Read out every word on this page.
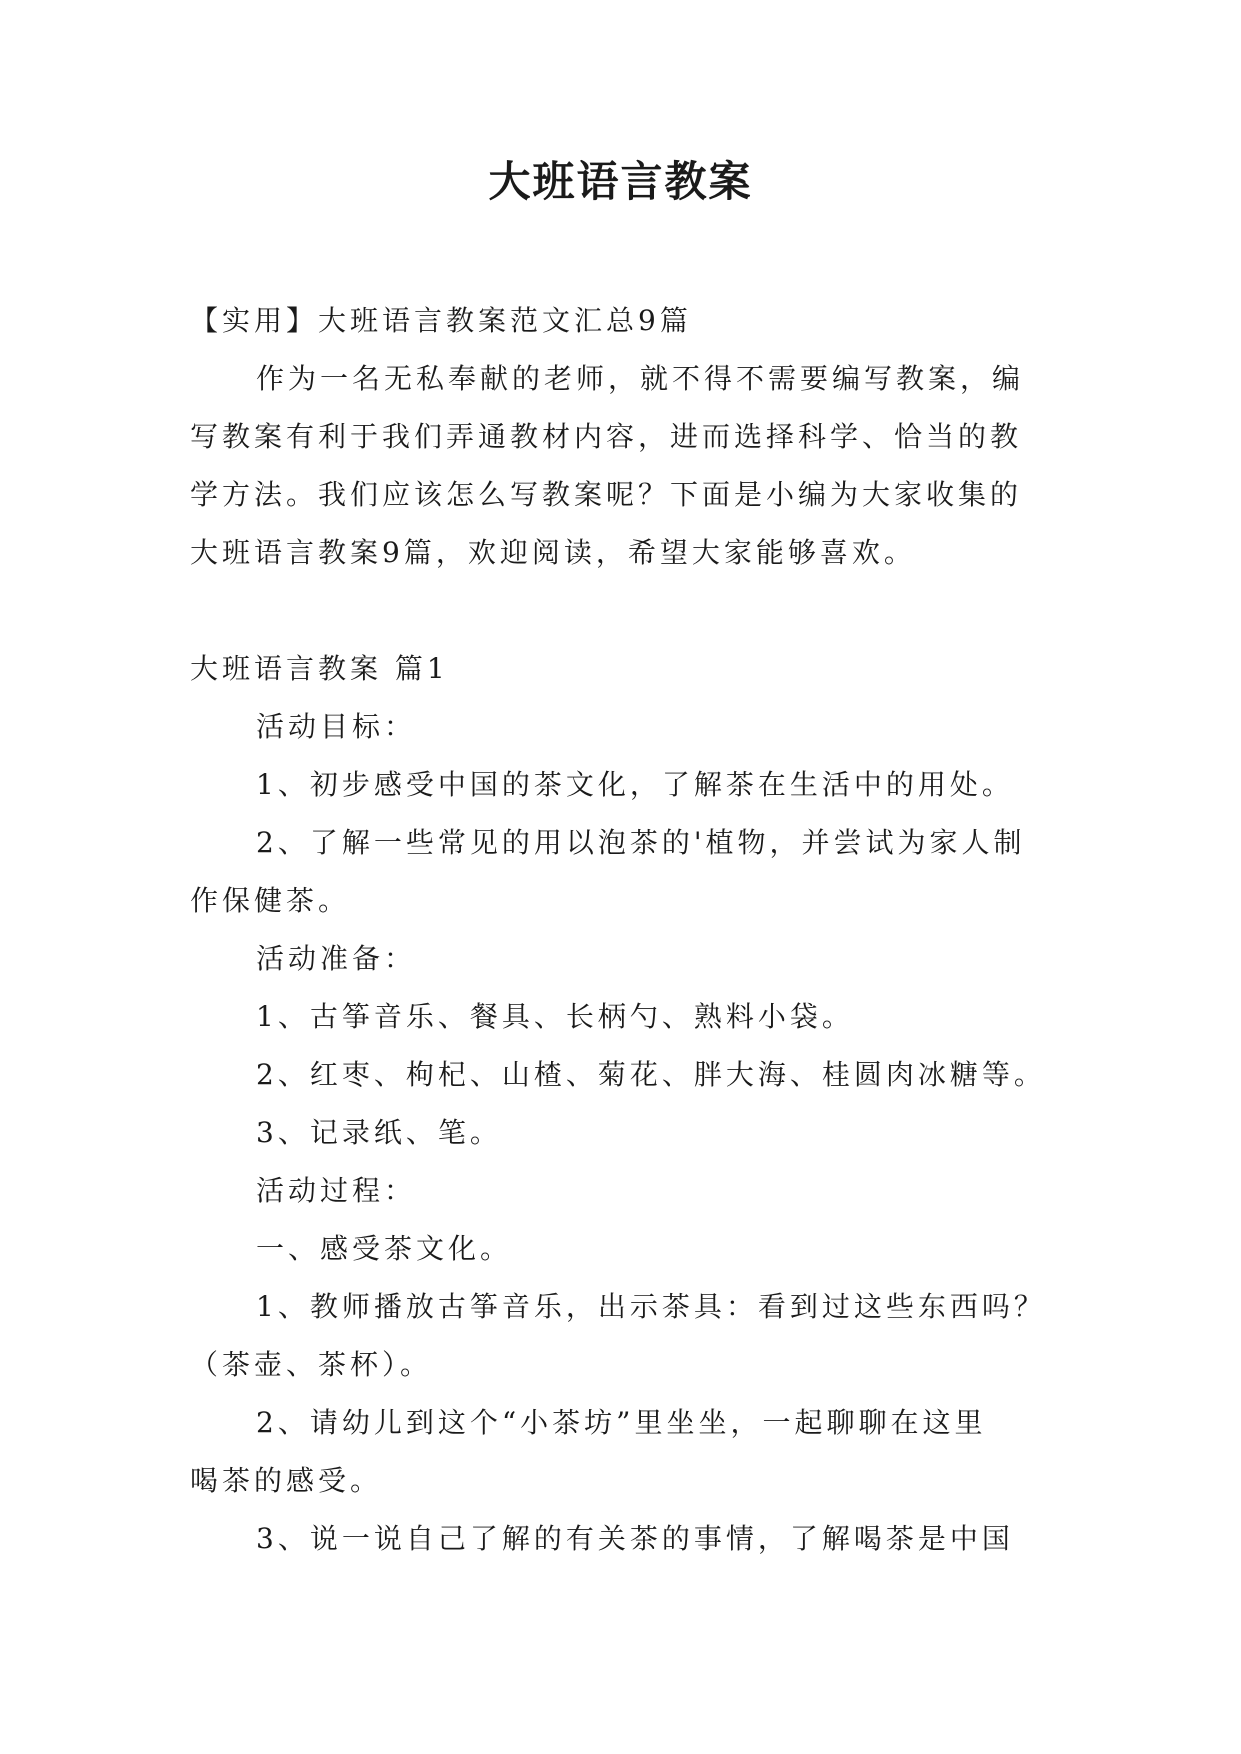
大班语言教案

【实用】大班语言教案范文汇总9篇

作为一名无私奉献的老师，就不得不需要编写教案，编

写教案有利于我们弄通教材内容，进而选择科学、恰当的教

学方法。我们应该怎么写教案呢？下面是小编为大家收集的

大班语言教案9篇，欢迎阅读，希望大家能够喜欢。

大班语言教案 篇1

活动目标：

1、初步感受中国的茶文化，了解茶在生活中的用处。

2、了解一些常见的用以泡茶的'植物，并尝试为家人制

作保健茶。

活动准备：

1、古筝音乐、餐具、长柄勺、熟料小袋。

2、红枣、枸杞、山楂、菊花、胖大海、桂圆肉冰糖等。

3、记录纸、笔。

活动过程：

一、感受茶文化。

1、教师播放古筝音乐，出示茶具：看到过这些东西吗？

（茶壶、茶杯）。

2、请幼儿到这个“小茶坊”里坐坐，一起聊聊在这里

喝茶的感受。

3、说一说自己了解的有关茶的事情，了解喝茶是中国
